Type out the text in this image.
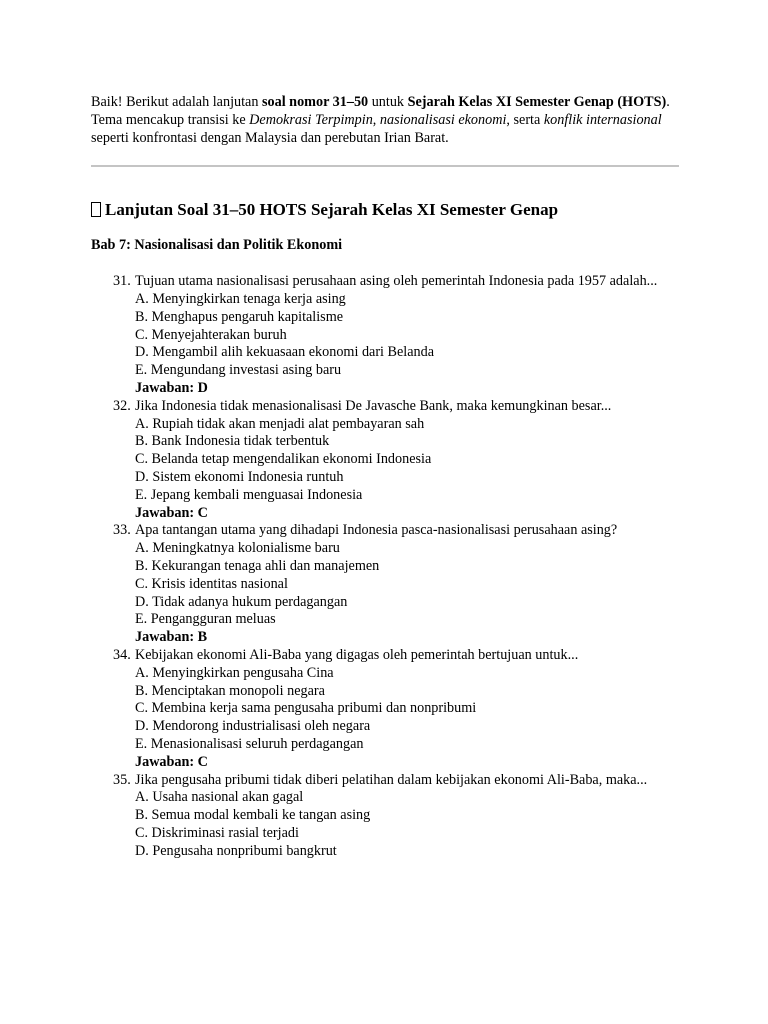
Baik! Berikut adalah lanjutan soal nomor 31–50 untuk Sejarah Kelas XI Semester Genap (HOTS). Tema mencakup transisi ke Demokrasi Terpimpin, nasionalisasi ekonomi, serta konflik internasional seperti konfrontasi dengan Malaysia dan perebutan Irian Barat.

Lanjutan Soal 31–50 HOTS Sejarah Kelas XI Semester Genap
Bab 7: Nasionalisasi dan Politik Ekonomi
31. Tujuan utama nasionalisasi perusahaan asing oleh pemerintah Indonesia pada 1957 adalah...
A. Menyingkirkan tenaga kerja asing
B. Menghapus pengaruh kapitalisme
C. Menyejahterakan buruh
D. Mengambil alih kekuasaan ekonomi dari Belanda
E. Mengundang investasi asing baru
Jawaban: D
32. Jika Indonesia tidak menasionalisasi De Javasche Bank, maka kemungkinan besar...
A. Rupiah tidak akan menjadi alat pembayaran sah
B. Bank Indonesia tidak terbentuk
C. Belanda tetap mengendalikan ekonomi Indonesia
D. Sistem ekonomi Indonesia runtuh
E. Jepang kembali menguasai Indonesia
Jawaban: C
33. Apa tantangan utama yang dihadapi Indonesia pasca-nasionalisasi perusahaan asing?
A. Meningkatnya kolonialisme baru
B. Kekurangan tenaga ahli dan manajemen
C. Krisis identitas nasional
D. Tidak adanya hukum perdagangan
E. Pengangguran meluas
Jawaban: B
34. Kebijakan ekonomi Ali-Baba yang digagas oleh pemerintah bertujuan untuk...
A. Menyingkirkan pengusaha Cina
B. Menciptakan monopoli negara
C. Membina kerja sama pengusaha pribumi dan nonpribumi
D. Mendorong industrialisasi oleh negara
E. Menasionalisasi seluruh perdagangan
Jawaban: C
35. Jika pengusaha pribumi tidak diberi pelatihan dalam kebijakan ekonomi Ali-Baba, maka...
A. Usaha nasional akan gagal
B. Semua modal kembali ke tangan asing
C. Diskriminasi rasial terjadi
D. Pengusaha nonpribumi bangkrut
